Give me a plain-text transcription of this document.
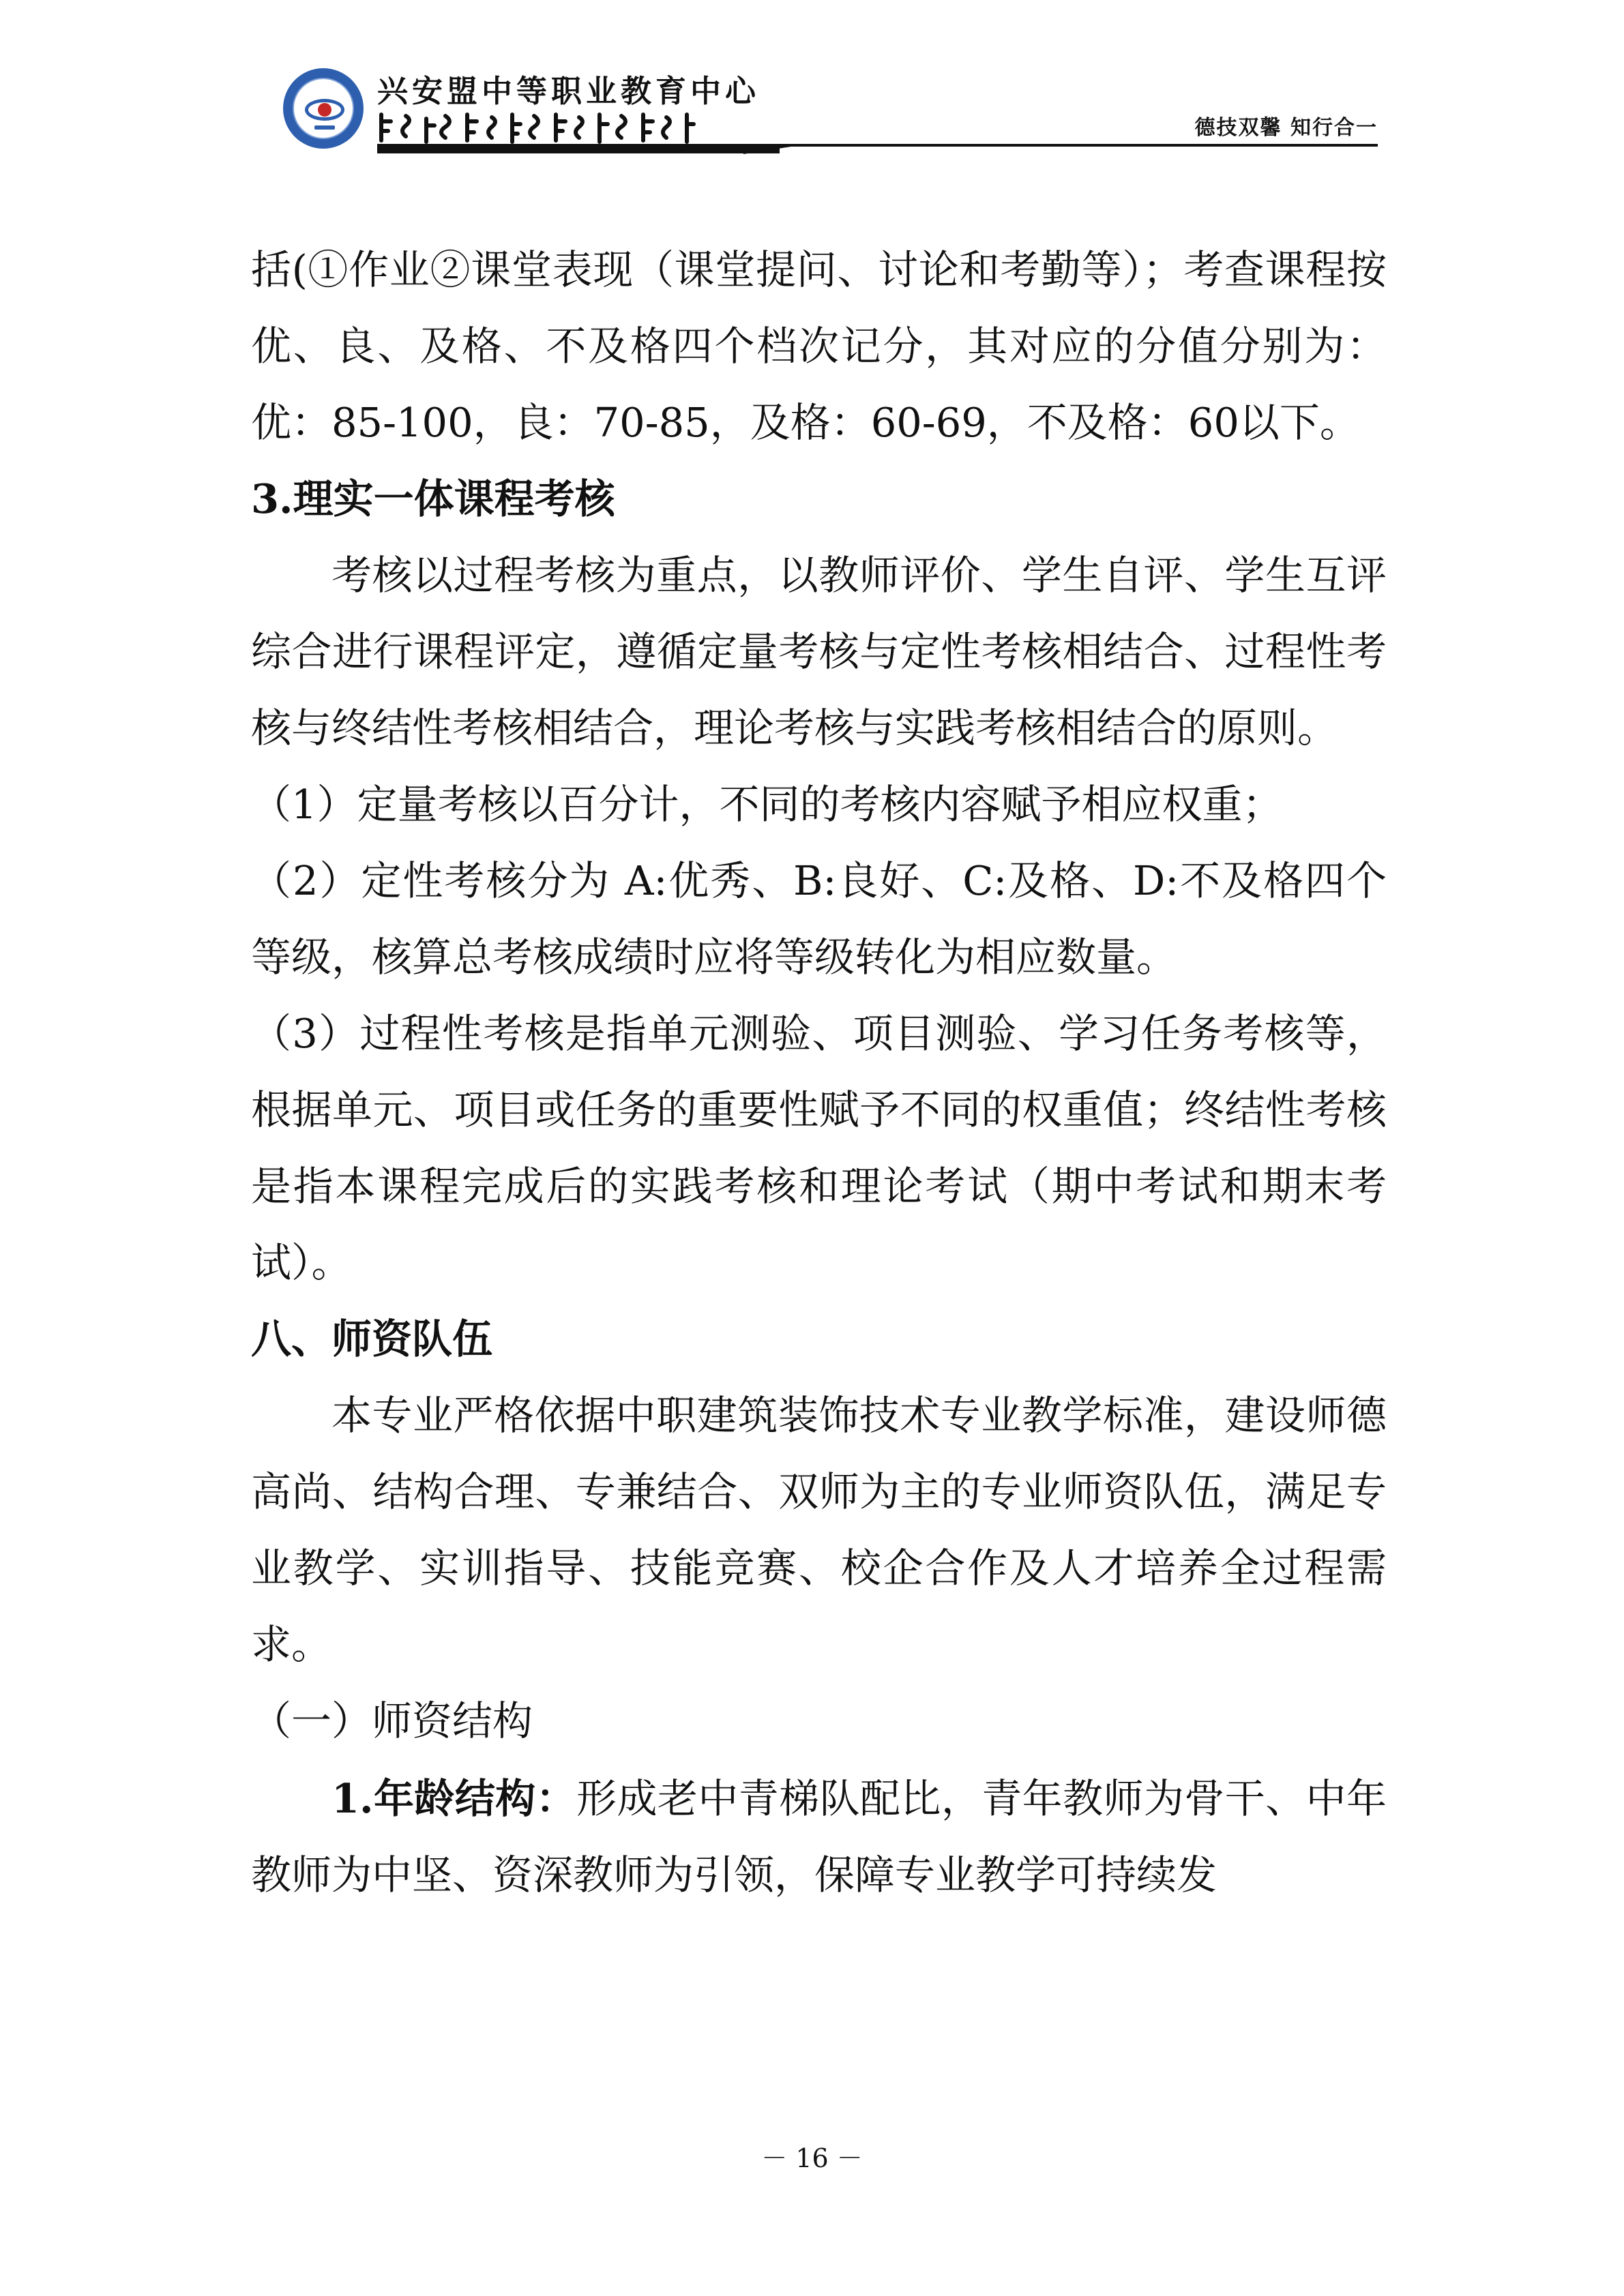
兴安盟中等职业教育中心
德技双馨 知行合一

括(①作业②课堂表现（课堂提问、讨论和考勤等）；考查课程按优、良、及格、不及格四个档次记分，其对应的分值分别为：优：85-100，良：70-85，及格：60-69，不及格：60以下。

3.理实一体课程考核

考核以过程考核为重点，以教师评价、学生自评、学生互评综合进行课程评定，遵循定量考核与定性考核相结合、过程性考核与终结性考核相结合，理论考核与实践考核相结合的原则。

（1）定量考核以百分计，不同的考核内容赋予相应权重；

（2）定性考核分为 A:优秀、B:良好、C:及格、D:不及格四个等级，核算总考核成绩时应将等级转化为相应数量。

（3）过程性考核是指单元测验、项目测验、学习任务考核等，根据单元、项目或任务的重要性赋予不同的权重值；终结性考核是指本课程完成后的实践考核和理论考试（期中考试和期末考试）。

八、师资队伍

本专业严格依据中职建筑装饰技术专业教学标准，建设师德高尚、结构合理、专兼结合、双师为主的专业师资队伍，满足专业教学、实训指导、技能竞赛、校企合作及人才培养全过程需求。

（一）师资结构

1.年龄结构：形成老中青梯队配比，青年教师为骨干、中年教师为中坚、资深教师为引领，保障专业教学可持续发

－ 16 －
